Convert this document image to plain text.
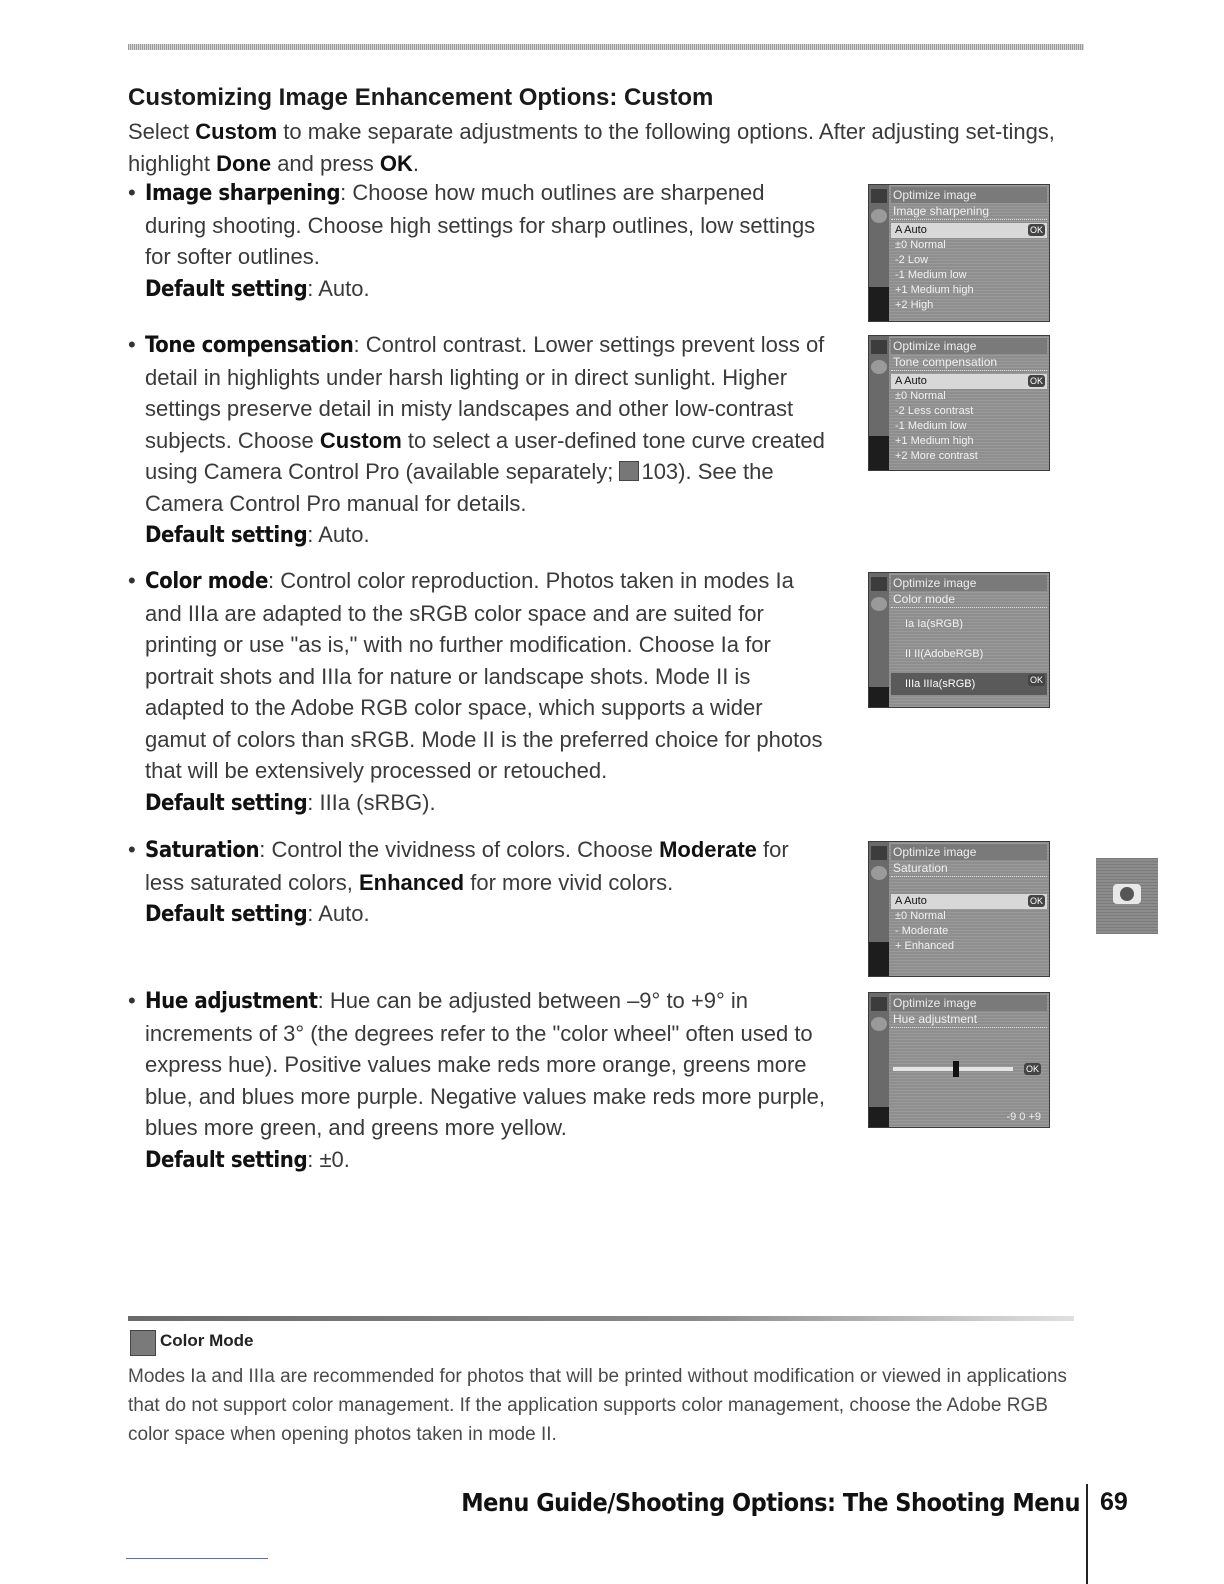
Customizing Image Enhancement Options: Custom

Select Custom to make separate adjustments to the following options. After adjusting set-tings, highlight Done and press OK.

• Image sharpening: Choose how much outlines are sharpened during shooting. Choose high settings for sharp outlines, low settings for softer outlines.
Default setting: Auto.

• Tone compensation: Control contrast. Lower settings prevent loss of detail in highlights under harsh lighting or in direct sunlight. Higher settings preserve detail in misty landscapes and other low-contrast subjects. Choose Custom to select a user-defined tone curve created using Camera Control Pro (available separately; 103). See the Camera Control Pro manual for details.
Default setting: Auto.

• Color mode: Control color reproduction. Photos taken in modes Ia and IIIa are adapted to the sRGB color space and are suited for printing or use "as is," with no further modification. Choose Ia for portrait shots and IIIa for nature or landscape shots. Mode II is adapted to the Adobe RGB color space, which supports a wider gamut of colors than sRGB. Mode II is the preferred choice for photos that will be extensively processed or retouched.
Default setting: IIIa (sRBG).

• Saturation: Control the vividness of colors. Choose Moderate for less saturated colors, Enhanced for more vivid colors.
Default setting: Auto.

• Hue adjustment: Hue can be adjusted between –9° to +9° in increments of 3° (the degrees refer to the "color wheel" often used to express hue). Positive values make reds more orange, greens more blue, and blues more purple. Negative values make reds more purple, blues more green, and greens more yellow.
Default setting: ±0.

Optimize image
Image sharpening
A Auto	OK
±0 Normal
-2 Low
-1 Medium low
+1 Medium high
+2 High
Optimize image
Tone compensation
A Auto	OK
±0 Normal
-2 Less contrast
-1 Medium low
+1 Medium high
+2 More contrast
Optimize image
Color mode
Ia Ia(sRGB)
II II(AdobeRGB)
IIIa IIIa(sRGB)	OK
Optimize image
Saturation
A Auto	OK
±0 Normal
- Moderate
+ Enhanced
Optimize image
Hue adjustment
OK
-9 0 +9
Color Mode

Modes Ia and IIIa are recommended for photos that will be printed without modification or viewed in applications that do not support color management. If the application supports color management, choose the Adobe RGB color space when opening photos taken in mode II.

Menu Guide/Shooting Options: The Shooting Menu 69
